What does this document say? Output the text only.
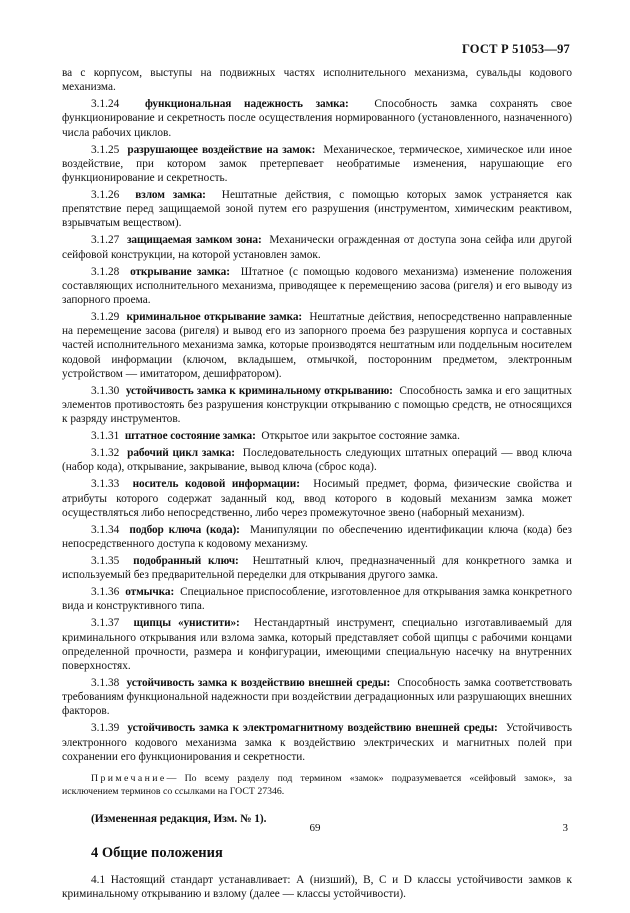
ГОСТ Р 51053—97

ва с корпусом, выступы на подвижных частях исполнительного механизма, сувальды кодового механизма.

3.1.24 функциональная надежность замка: Способность замка сохранять свое функционирование и секретность после осуществления нормированного (установленного, назначенного) числа рабочих циклов.

3.1.25 разрушающее воздействие на замок: Механическое, термическое, химическое или иное воздействие, при котором замок претерпевает необратимые изменения, нарушающие его функционирование и секретность.

3.1.26 взлом замка: Нештатные действия, с помощью которых замок устраняется как препятствие перед защищаемой зоной путем его разрушения (инструментом, химическим реактивом, взрывчатым веществом).

3.1.27 защищаемая замком зона: Механически огражденная от доступа зона сейфа или другой сейфовой конструкции, на которой установлен замок.

3.1.28 открывание замка: Штатное (с помощью кодового механизма) изменение положения составляющих исполнительного механизма, приводящее к перемещению засова (ригеля) и его выводу из запорного проема.

3.1.29 криминальное открывание замка: Нештатные действия, непосредственно направленные на перемещение засова (ригеля) и вывод его из запорного проема без разрушения корпуса и составных частей исполнительного механизма замка, которые производятся нештатным или поддельным носителем кодовой информации (ключом, вкладышем, отмычкой, посторонним предметом, электронным устройством — имитатором, дешифратором).

3.1.30 устойчивость замка к криминальному открыванию: Способность замка и его защитных элементов противостоять без разрушения конструкции открыванию с помощью средств, не относящихся к разряду инструментов.

3.1.31 штатное состояние замка: Открытое или закрытое состояние замка.

3.1.32 рабочий цикл замка: Последовательность следующих штатных операций — ввод ключа (набор кода), открывание, закрывание, вывод ключа (сброс кода).

3.1.33 носитель кодовой информации: Носимый предмет, форма, физические свойства и атрибуты которого содержат заданный код, ввод которого в кодовый механизм замка может осуществляться либо непосредственно, либо через промежуточное звено (наборный механизм).

3.1.34 подбор ключа (кода): Манипуляции по обеспечению идентификации ключа (кода) без непосредственного доступа к кодовому механизму.

3.1.35 подобранный ключ: Нештатный ключ, предназначенный для конкретного замка и используемый без предварительной переделки для открывания другого замка.

3.1.36 отмычка: Специальное приспособление, изготовленное для открывания замка конкретного вида и конструктивного типа.

3.1.37 щипцы «унистити»: Нестандартный инструмент, специально изготавливаемый для криминального открывания или взлома замка, который представляет собой щипцы с рабочими концами определенной прочности, размера и конфигурации, имеющими специальную насечку на внутренних поверхностях.

3.1.38 устойчивость замка к воздействию внешней среды: Способность замка соответствовать требованиям функциональной надежности при воздействии деградационных или разрушающих внешних факторов.

3.1.39 устойчивость замка к электромагнитному воздействию внешней среды: Устойчивость электронного кодового механизма замка к воздействию электрических и магнитных полей при сохранении его функционирования и секретности.

Примечание— По всему разделу под термином «замок» подразумевается «сейфовый замок», за исключением терминов со ссылками на ГОСТ 27346.

(Измененная редакция, Изм. № 1).

4 Общие положения

4.1 Настоящий стандарт устанавливает: А (низший), В, С и D классы устойчивости замков к криминальному открыванию и взлому (далее — классы устойчивости).

69	3
